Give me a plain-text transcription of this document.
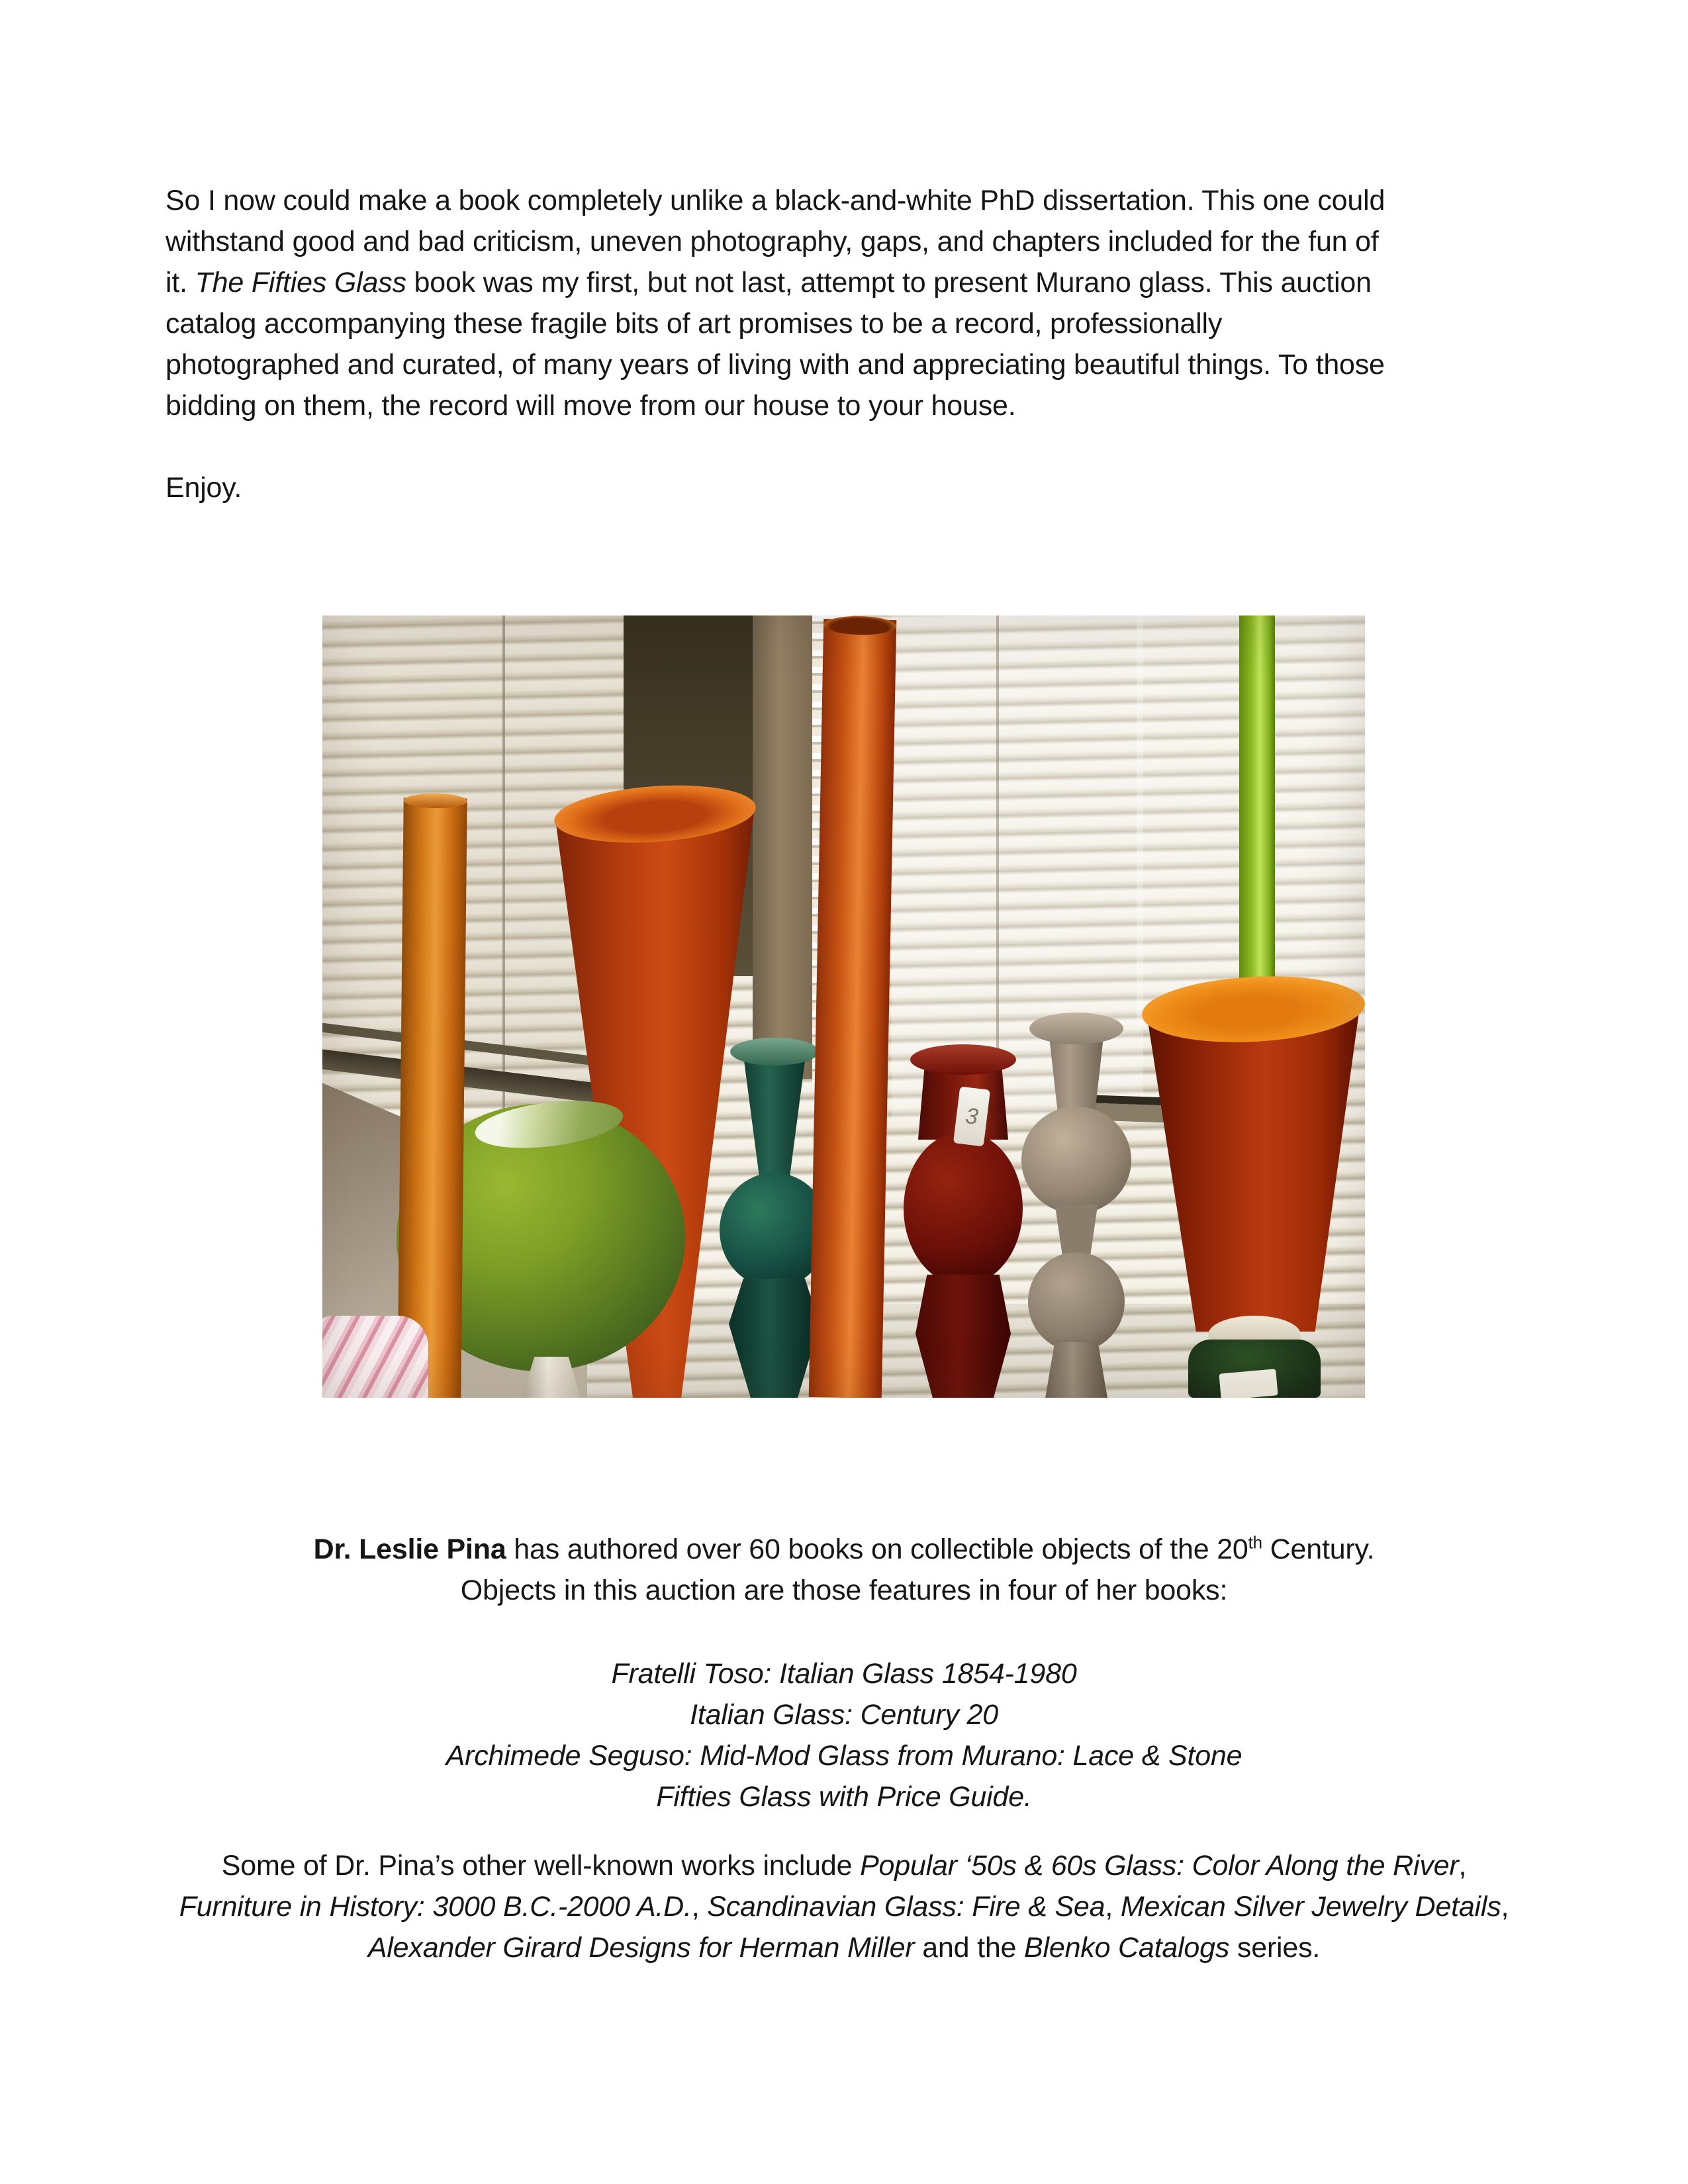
So I now could make a book completely unlike a black-and-white PhD dissertation. This one could
withstand good and bad criticism, uneven photography, gaps, and chapters included for the fun of
it. The Fifties Glass book was my first, but not last, attempt to present Murano glass. This auction
catalog accompanying these fragile bits of art promises to be a record, professionally
photographed and curated, of many years of living with and appreciating beautiful things. To those
bidding on them, the record will move from our house to your house.
Enjoy.
3
Dr. Leslie Pina has authored over 60 books on collectible objects of the 20th Century.
Objects in this auction are those features in four of her books:
Fratelli Toso: Italian Glass 1854-1980
Italian Glass: Century 20
Archimede Seguso: Mid-Mod Glass from Murano: Lace & Stone
Fifties Glass with Price Guide.
Some of Dr. Pina’s other well-known works include Popular ‘50s & 60s Glass: Color Along the River,
Furniture in History: 3000 B.C.-2000 A.D., Scandinavian Glass: Fire & Sea, Mexican Silver Jewelry Details,
Alexander Girard Designs for Herman Miller and the Blenko Catalogs series.
